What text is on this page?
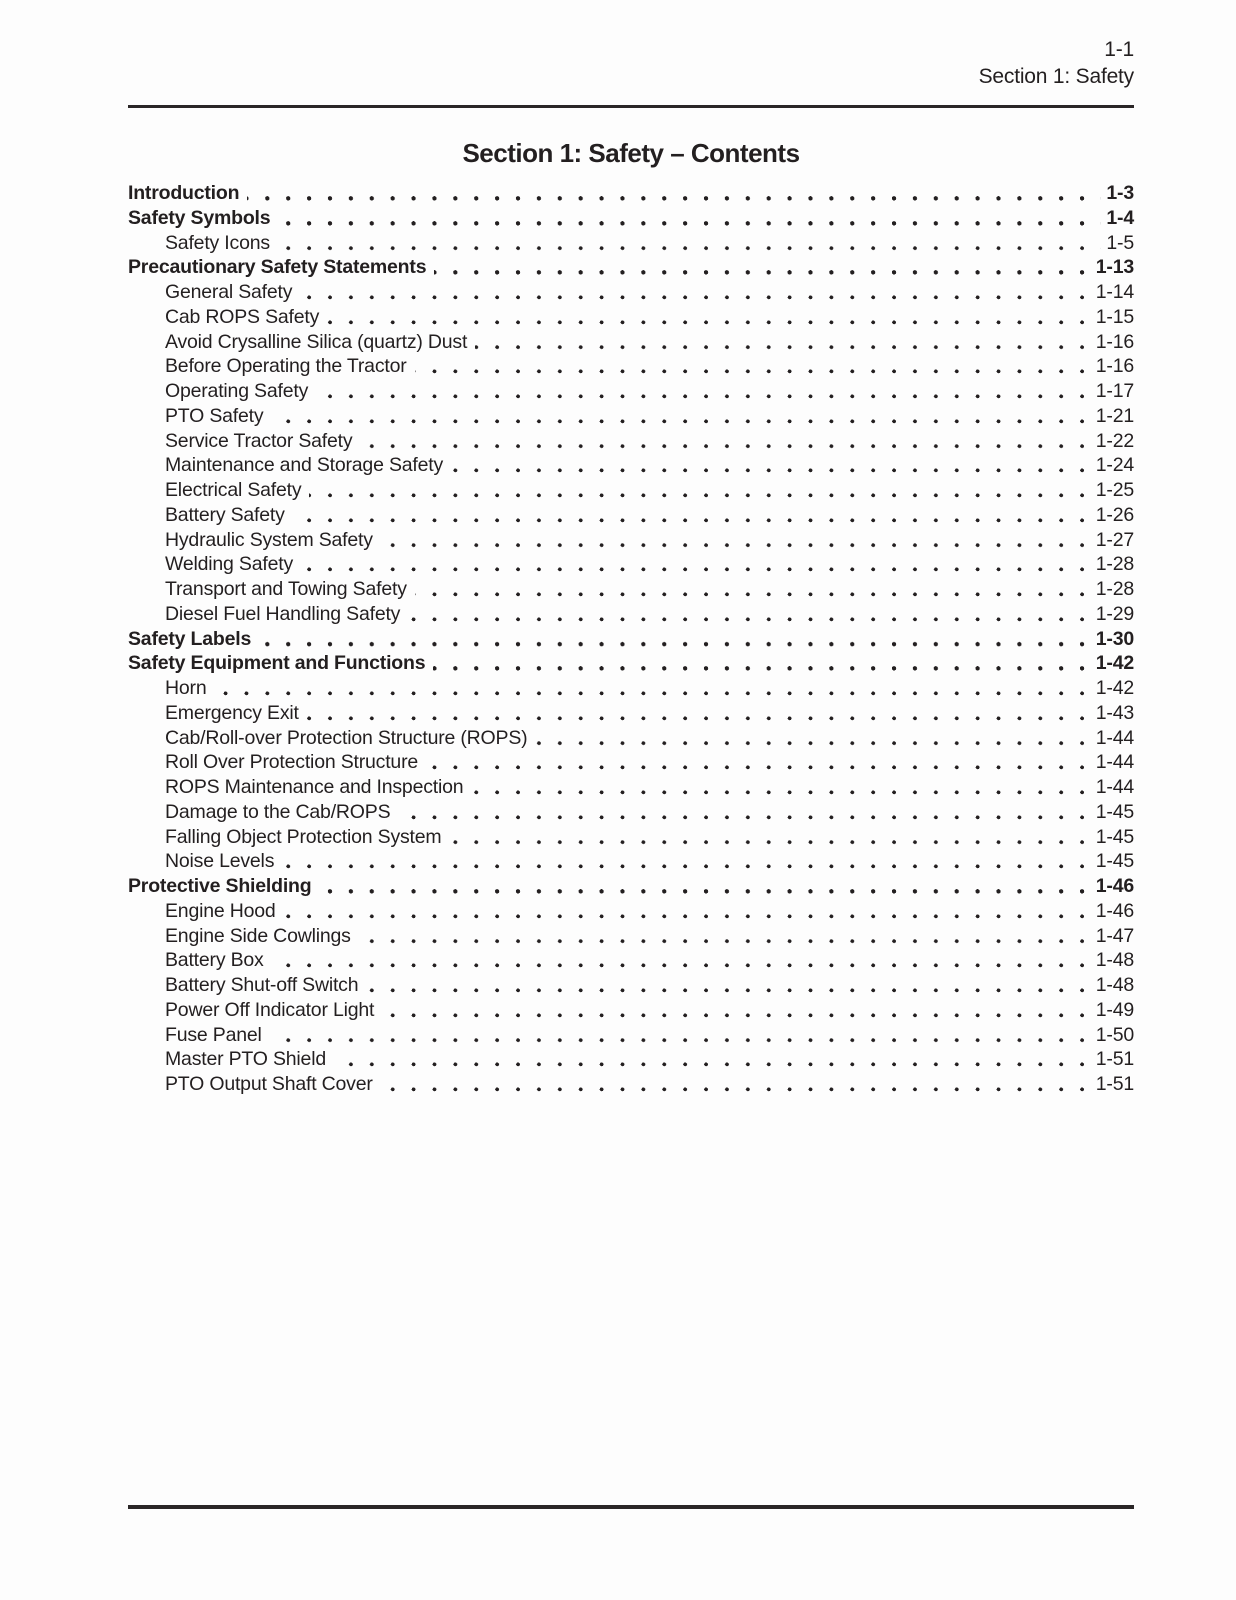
1-1
Section 1: Safety
Section 1: Safety – Contents
Introduction	1-3
Safety Symbols	1-4
Safety Icons	1-5
Precautionary Safety Statements	1-13
General Safety	1-14
Cab ROPS Safety	1-15
Avoid Crysalline Silica (quartz) Dust	1-16
Before Operating the Tractor	1-16
Operating Safety	1-17
PTO Safety	1-21
Service Tractor Safety	1-22
Maintenance and Storage Safety	1-24
Electrical Safety	1-25
Battery Safety	1-26
Hydraulic System Safety	1-27
Welding Safety	1-28
Transport and Towing Safety	1-28
Diesel Fuel Handling Safety	1-29
Safety Labels	1-30
Safety Equipment and Functions	1-42
Horn	1-42
Emergency Exit	1-43
Cab/Roll-over Protection Structure (ROPS)	1-44
Roll Over Protection Structure	1-44
ROPS Maintenance and Inspection	1-44
Damage to the Cab/ROPS	1-45
Falling Object Protection System	1-45
Noise Levels	1-45
Protective Shielding	1-46
Engine Hood	1-46
Engine Side Cowlings	1-47
Battery Box	1-48
Battery Shut-off Switch	1-48
Power Off Indicator Light	1-49
Fuse Panel	1-50
Master PTO Shield	1-51
PTO Output Shaft Cover	1-51
